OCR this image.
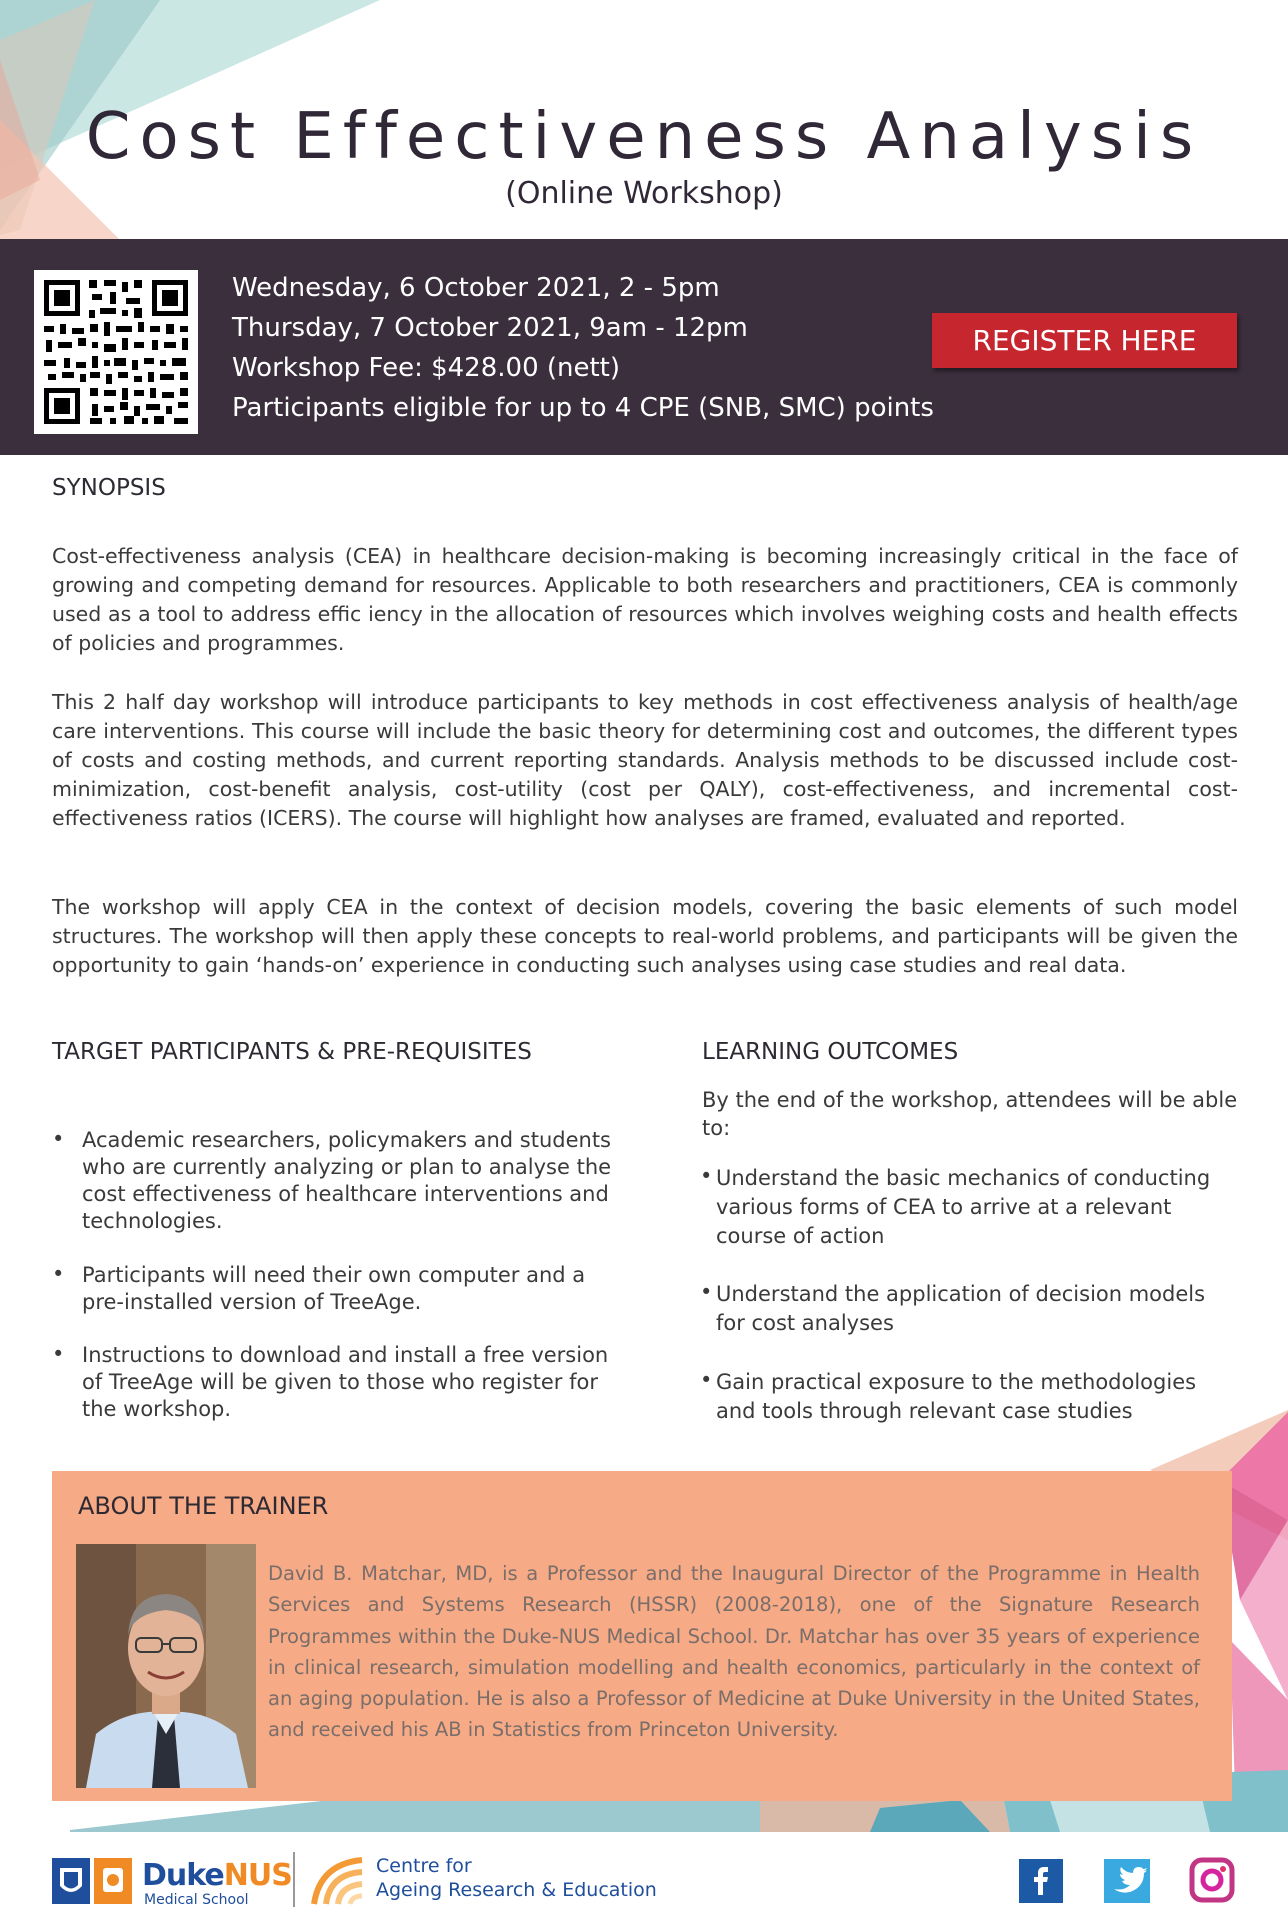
Cost Effectiveness Analysis
(Online Workshop)
Wednesday, 6 October 2021, 2 - 5pm
Thursday, 7 October 2021, 9am - 12pm
Workshop Fee: $428.00 (nett)
Participants eligible for up to 4 CPE (SNB, SMC) points
REGISTER HERE
SYNOPSIS

Cost-effectiveness analysis (CEA) in healthcare decision-making is becoming increasingly critical in the face of growing and competing demand for resources. Applicable to both researchers and practitioners, CEA is commonly used as a tool to address effic iency in the allocation of resources which involves weighing costs and health effects of policies and programmes.

This 2 half day workshop will introduce participants to key methods in cost effectiveness analysis of health/age care interventions. This course will include the basic theory for determining cost and outcomes, the different types of costs and costing methods, and current reporting standards. Analysis methods to be discussed include cost-minimization, cost-benefit analysis, cost-utility (cost per QALY), cost-effectiveness, and incremental cost-effectiveness ratios (ICERS). The course will highlight how analyses are framed, evaluated and reported.

The workshop will apply CEA in the context of decision models, covering the basic elements of such model structures. The workshop will then apply these concepts to real-world problems, and participants will be given the opportunity to gain ‘hands-on’ experience in conducting such analyses using case studies and real data.

TARGET PARTICIPANTS & PRE-REQUISITES
• Academic researchers, policymakers and students who are currently analyzing or plan to analyse the cost effectiveness of healthcare interventions and technologies.

• Participants will need their own computer and a pre-installed version of TreeAge.

• Instructions to download and install a free version of TreeAge will be given to those who register for the workshop.

LEARNING OUTCOMES

By the end of the workshop, attendees will be able to:

• Understand the basic mechanics of conducting various forms of CEA to arrive at a relevant course of action

• Understand the application of decision models for cost analyses

• Gain practical exposure to the methodologies and tools through relevant case studies

ABOUT THE TRAINER

David B. Matchar, MD, is a Professor and the Inaugural Director of the Programme in Health Services and Systems Research (HSSR) (2008-2018), one of the Signature Research Programmes within the Duke-NUS Medical School. Dr. Matchar has over 35 years of experience in clinical research, simulation modelling and health economics, particularly in the context of an aging population. He is also a Professor of Medicine at Duke University in the United States, and received his AB in Statistics from Princeton University.

DukeNUS
Medical School
Centre for
Ageing Research & Education
